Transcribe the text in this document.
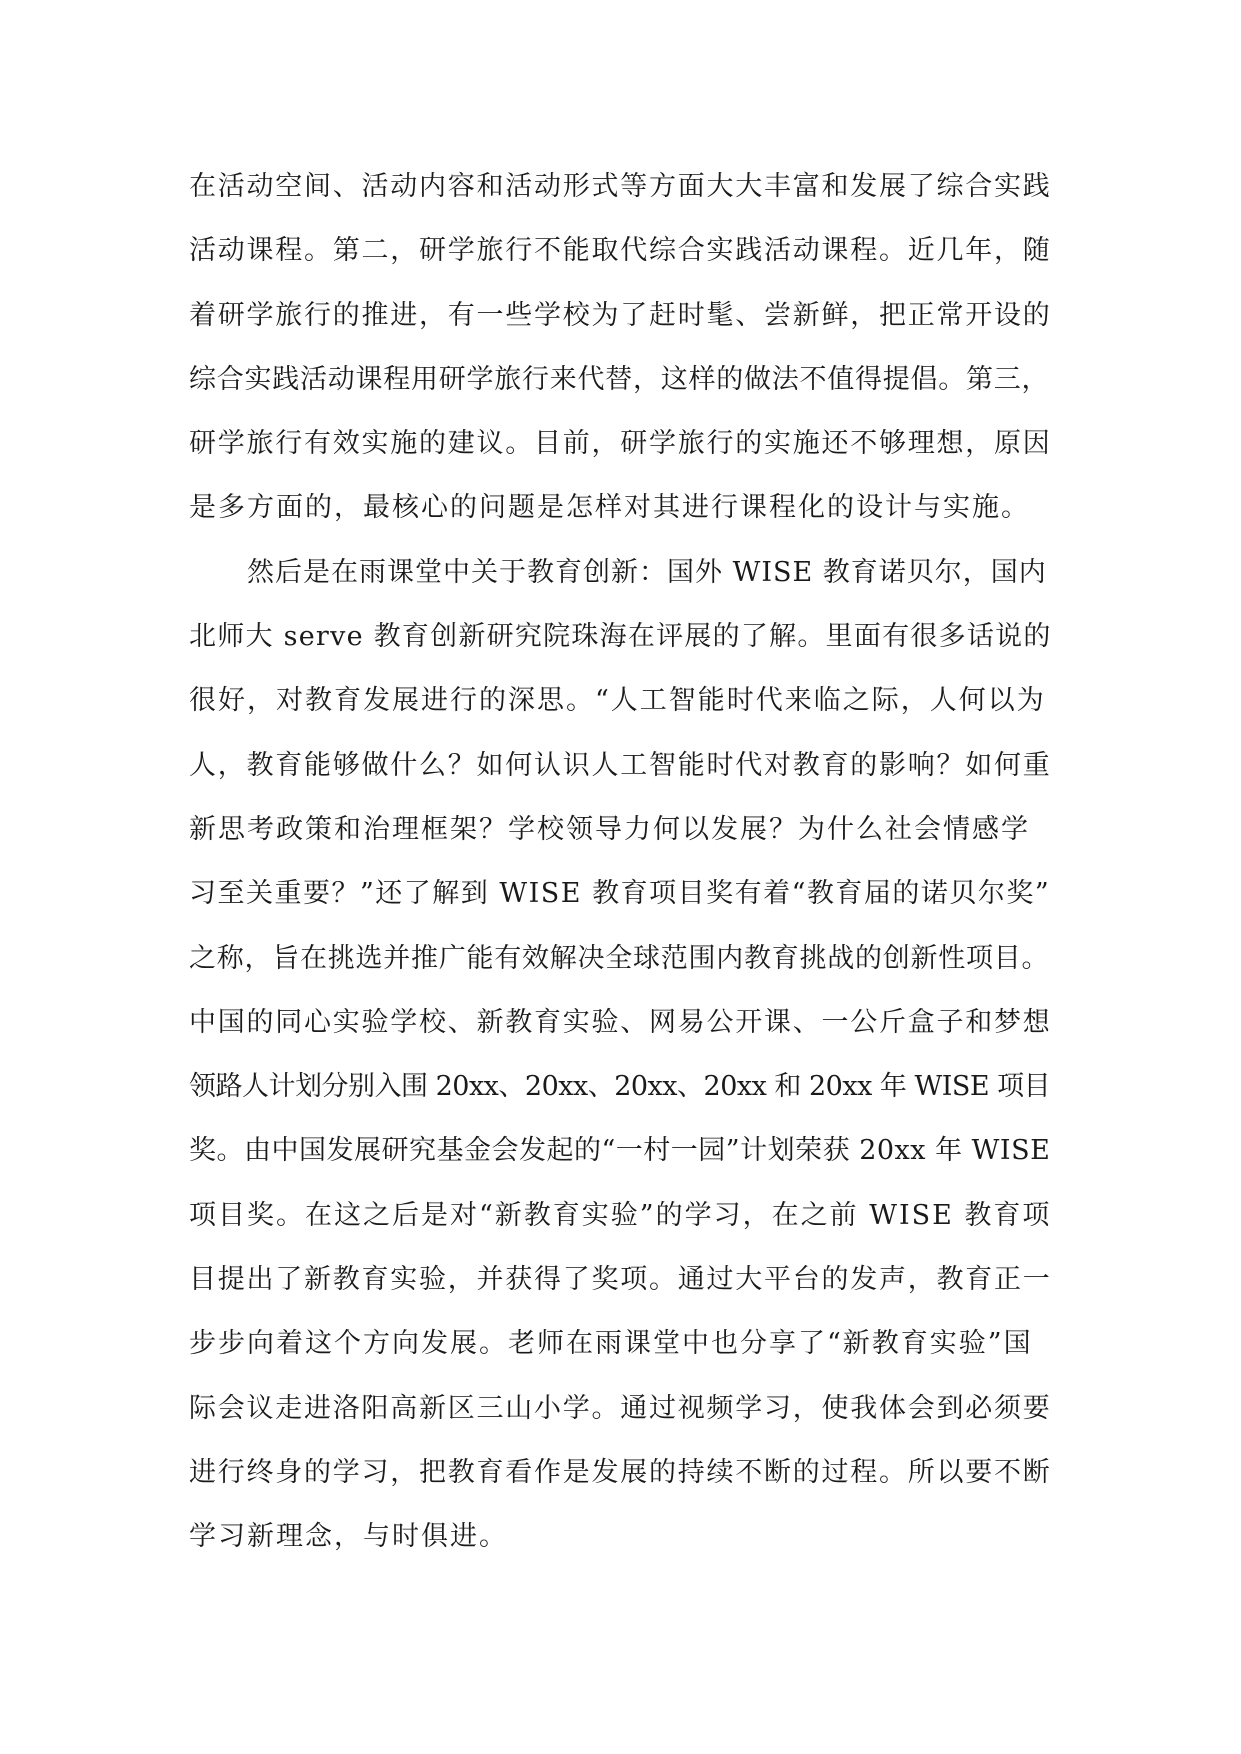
在活动空间、活动内容和活动形式等方面大大丰富和发展了综合实践
活动课程。第二，研学旅行不能取代综合实践活动课程。近几年，随
着研学旅行的推进，有一些学校为了赶时髦、尝新鲜，把正常开设的
综合实践活动课程用研学旅行来代替，这样的做法不值得提倡。第三，
研学旅行有效实施的建议。目前，研学旅行的实施还不够理想，原因
是多方面的，最核心的问题是怎样对其进行课程化的设计与实施。
然后是在雨课堂中关于教育创新：国外 WISE 教育诺贝尔，国内
北师大 serve 教育创新研究院珠海在评展的了解。里面有很多话说的
很好，对教育发展进行的深思。“人工智能时代来临之际，人何以为
人，教育能够做什么？如何认识人工智能时代对教育的影响？如何重
新思考政策和治理框架？学校领导力何以发展？为什么社会情感学
习至关重要？”还了解到 WISE 教育项目奖有着“教育届的诺贝尔奖”
之称，旨在挑选并推广能有效解决全球范围内教育挑战的创新性项目。
中国的同心实验学校、新教育实验、网易公开课、一公斤盒子和梦想
领路人计划分别入围 20xx、20xx、20xx、20xx 和 20xx 年 WISE 项目
奖。由中国发展研究基金会发起的“一村一园”计划荣获 20xx 年 WISE
项目奖。在这之后是对“新教育实验”的学习，在之前 WISE 教育项
目提出了新教育实验，并获得了奖项。通过大平台的发声，教育正一
步步向着这个方向发展。老师在雨课堂中也分享了“新教育实验”国
际会议走进洛阳高新区三山小学。通过视频学习，使我体会到必须要
进行终身的学习，把教育看作是发展的持续不断的过程。所以要不断
学习新理念，与时俱进。
